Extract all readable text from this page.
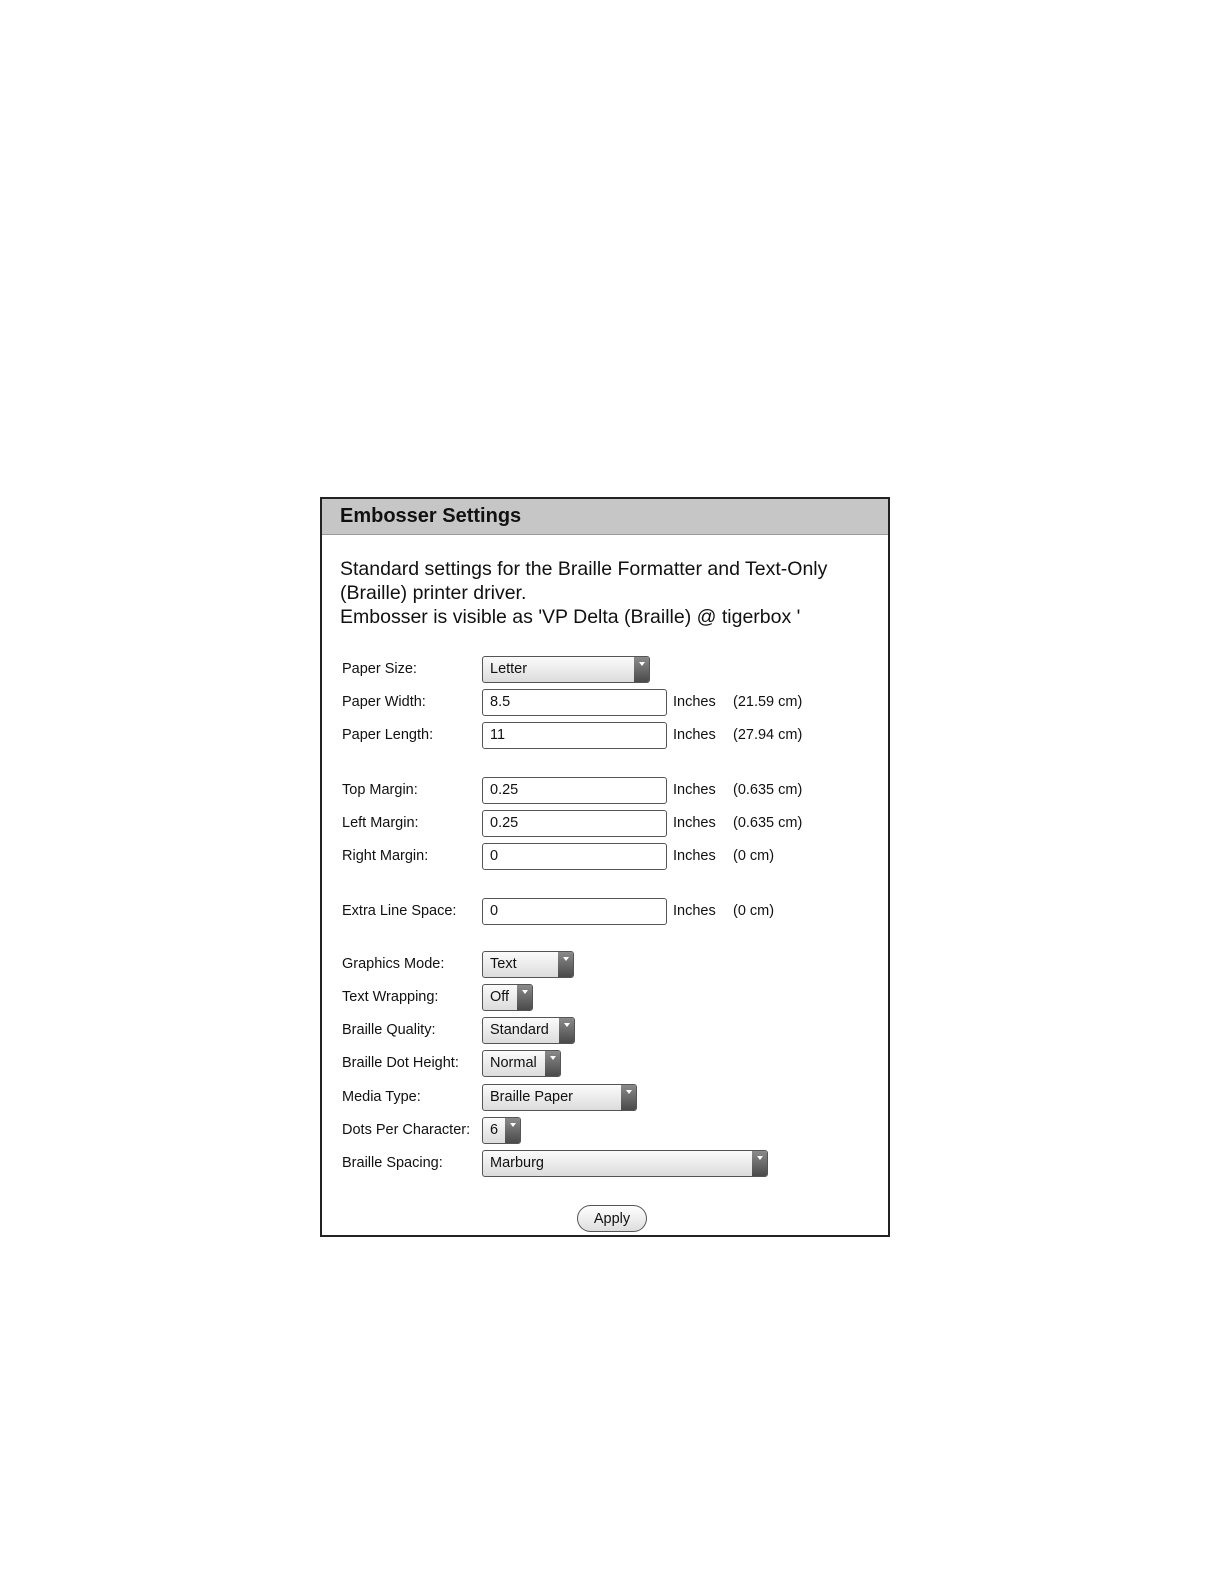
Embosser Settings
Standard settings for the Braille Formatter and Text-Only
(Braille) printer driver.
Embosser is visible as 'VP Delta (Braille) @ tigerbox '
Paper Size:	Letter
Paper Width:
8.5	Inches	(21.59 cm)
Paper Length:
11	Inches	(27.94 cm)
Top Margin:
0.25	Inches	(0.635 cm)
Left Margin:
0.25	Inches	(0.635 cm)
Right Margin:
0	Inches	(0 cm)
Extra Line Space:
0	Inches	(0 cm)
Graphics Mode:	Text
Text Wrapping:	Off
Braille Quality:	Standard
Braille Dot Height:	Normal
Media Type:	Braille Paper
Dots Per Character:	6
Braille Spacing:	Marburg
Apply
